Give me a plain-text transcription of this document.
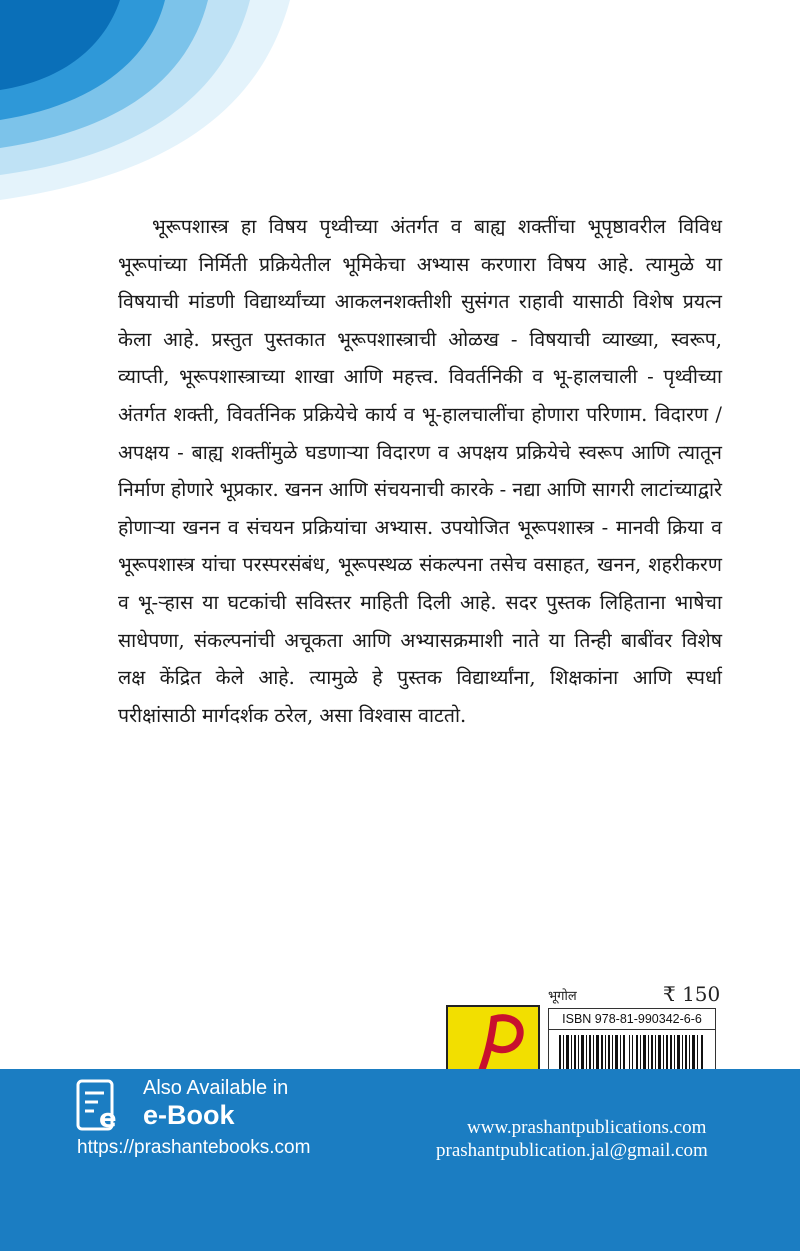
भूरूपशास्त्र हा विषय पृथ्वीच्या अंतर्गत व बाह्य शक्तींचा भूपृष्ठावरील विविध भूरूपांच्या निर्मिती प्रक्रियेतील भूमिकेचा अभ्यास करणारा विषय आहे. त्यामुळे या विषयाची मांडणी विद्यार्थ्यांच्या आकलनशक्तीशी सुसंगत राहावी यासाठी विशेष प्रयत्न केला आहे. प्रस्तुत पुस्तकात भूरूपशास्त्राची ओळख - विषयाची व्याख्या, स्वरूप, व्याप्ती, भूरूपशास्त्राच्या शाखा आणि महत्त्व. विवर्तनिकी व भू-हालचाली - पृथ्वीच्या अंतर्गत शक्ती, विवर्तनिक प्रक्रियेचे कार्य व भू-हालचालींचा होणारा परिणाम. विदारण / अपक्षय - बाह्य शक्तींमुळे घडणाऱ्या विदारण व अपक्षय प्रक्रियेचे स्वरूप आणि त्यातून निर्माण होणारे भूप्रकार. खनन आणि संचयनाची कारके - नद्या आणि सागरी लाटांच्याद्वारे होणाऱ्या खनन व संचयन प्रक्रियांचा अभ्यास. उपयोजित भूरूपशास्त्र - मानवी क्रिया व भूरूपशास्त्र यांचा परस्परसंबंध, भूरूपस्थळ संकल्पना तसेच वसाहत, खनन, शहरीकरण व भू-ऱ्हास या घटकांची सविस्तर माहिती दिली आहे. सदर पुस्तक लिहिताना भाषेचा साधेपणा, संकल्पनांची अचूकता आणि अभ्यासक्रमाशी नाते या तिन्ही बाबींवर विशेष लक्ष केंद्रित केले आहे. त्यामुळे हे पुस्तक विद्यार्थ्यांना, शिक्षकांना आणि स्पर्धा परीक्षांसाठी मार्गदर्शक ठरेल, असा विश्वास वाटतो.

भूगोल	₹ 150
ISBN 978-81-990342-6-6
e
Also Available in
e-Book
https://prashantebooks.com
www.prashantpublications.com
prashantpublication.jal@gmail.com
